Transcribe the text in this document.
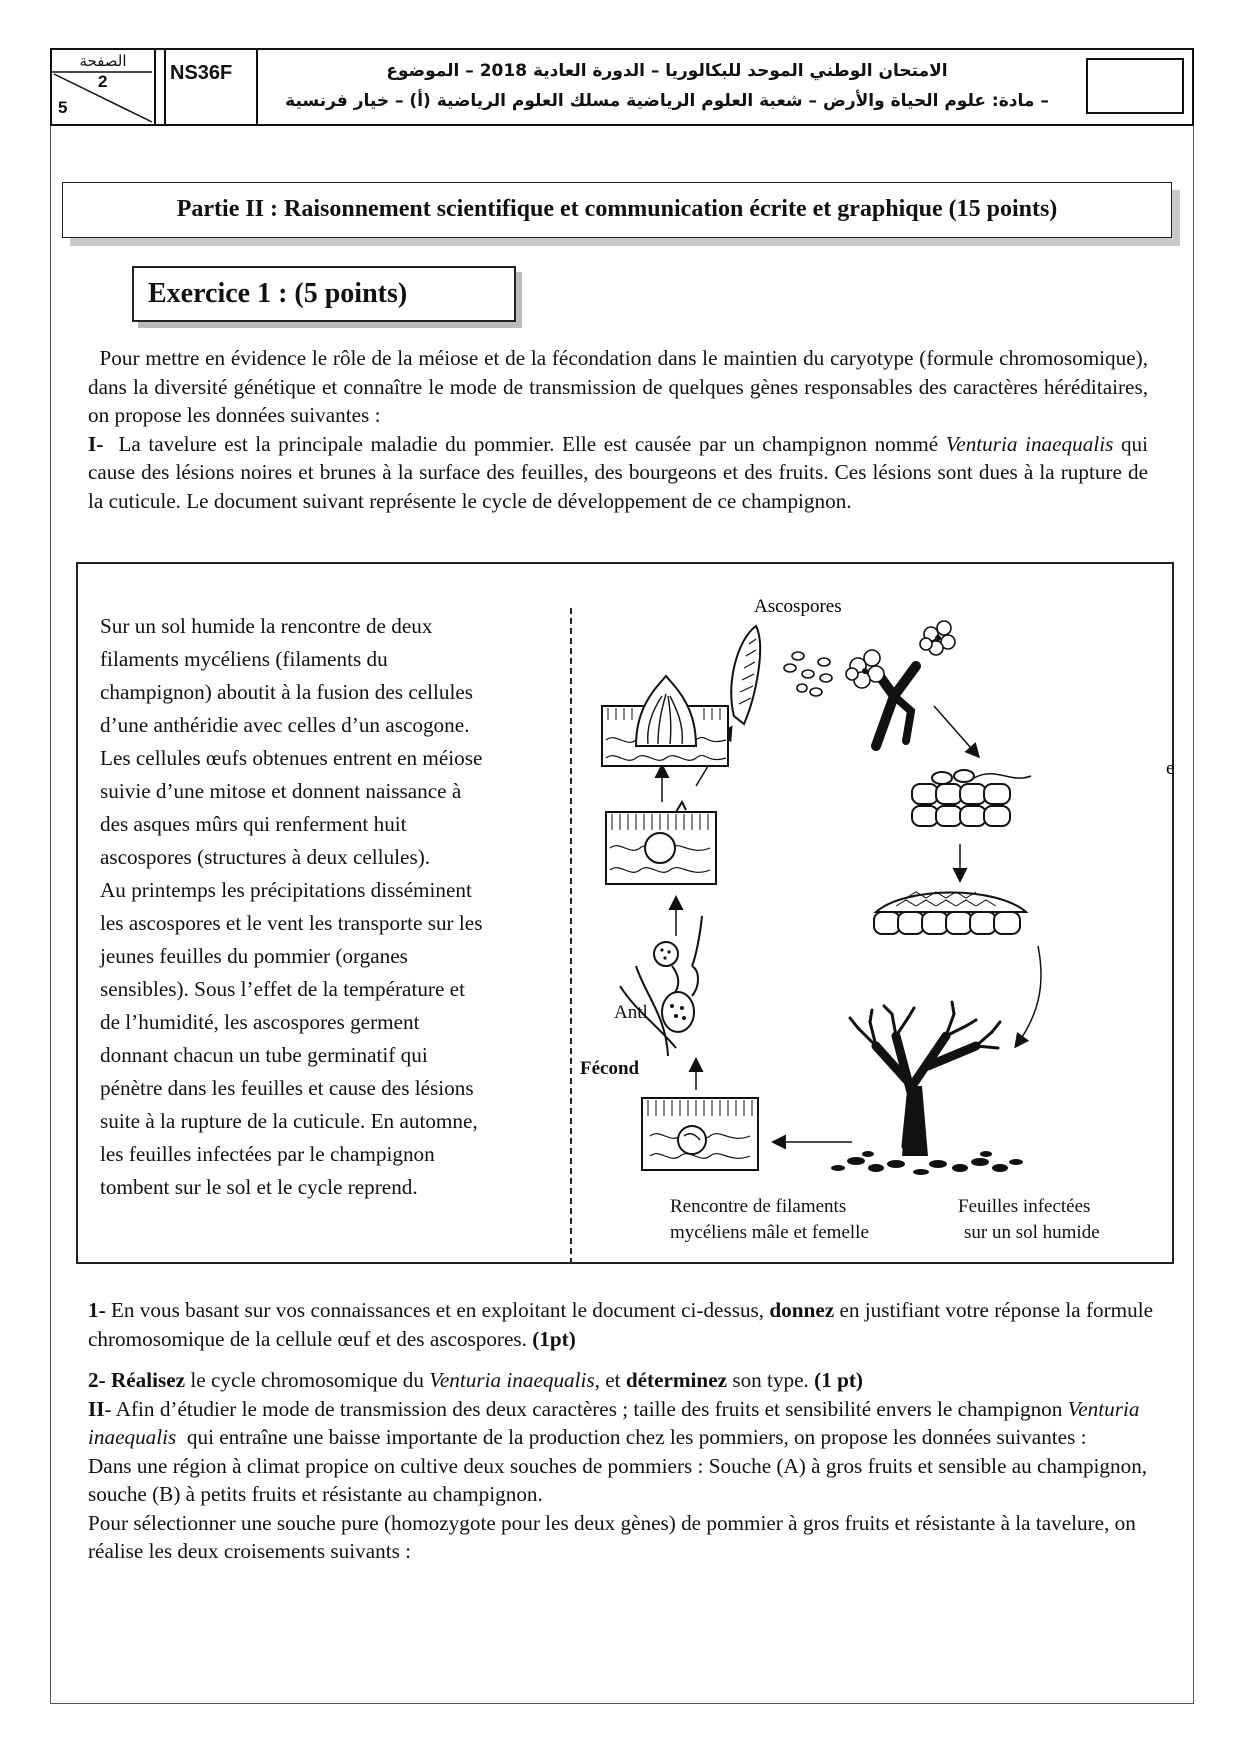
الصفحة
2
5
NS36F	الامتحان الوطني الموحد للبكالوريا – الدورة العادية 2018 – الموضوع
– مادة: علوم الحياة والأرض – شعبة العلوم الرياضية مسلك العلوم الرياضية (أ) – خيار فرنسية
Partie II : Raisonnement scientifique et communication écrite et graphique (15 points)
Exercice 1 : (5 points)

Pour mettre en évidence le rôle de la méiose et de la fécondation dans le maintien du caryotype (formule chromosomique), dans la diversité génétique et connaître le mode de transmission de quelques gènes responsables des caractères héréditaires, on propose les données suivantes :

I- La tavelure est la principale maladie du pommier. Elle est causée par un champignon nommé Venturia inaequalis qui cause des lésions noires et brunes à la surface des feuilles, des bourgeons et des fruits. Ces lésions sont dues à la rupture de la cuticule. Le document suivant représente le cycle de développement de ce champignon.

Sur un sol humide la rencontre de deux

filaments mycéliens (filaments du

champignon) aboutit à la fusion des cellules

d’une anthéridie avec celles d’un ascogone.

Les cellules œufs obtenues entrent en méiose

suivie d’une mitose et donnent naissance à

des asques mûrs qui renferment huit

ascospores (structures à deux cellules).

Au printemps les précipitations disséminent

les ascospores et le vent les transporte sur les

jeunes feuilles du pommier (organes

sensibles). Sous l’effet de la température et

de l’humidité, les ascospores germent

donnant chacun un tube germinatif qui

pénètre dans les feuilles et cause des lésions

suite à la rupture de la cuticule. En automne,

les feuilles infectées par le champignon

tombent sur le sol et le cycle reprend.

Ascospores
e
Antl
Fécond
Rencontre de filaments
mycéliens mâle et femelle
Feuilles infectées
sur un sol humide

1- En vous basant sur vos connaissances et en exploitant le document ci-dessus, donnez en justifiant votre réponse la formule chromosomique de la cellule œuf et des ascospores. (1pt)

2- Réalisez le cycle chromosomique du Venturia inaequalis, et déterminez son type. (1 pt)

II- Afin d’étudier le mode de transmission des deux caractères ; taille des fruits et sensibilité envers le champignon Venturia inaequalis qui entraîne une baisse importante de la production chez les pommiers, on propose les données suivantes :

Dans une région à climat propice on cultive deux souches de pommiers : Souche (A) à gros fruits et sensible au champignon, souche (B) à petits fruits et résistante au champignon.

Pour sélectionner une souche pure (homozygote pour les deux gènes) de pommier à gros fruits et résistante à la tavelure, on réalise les deux croisements suivants :
